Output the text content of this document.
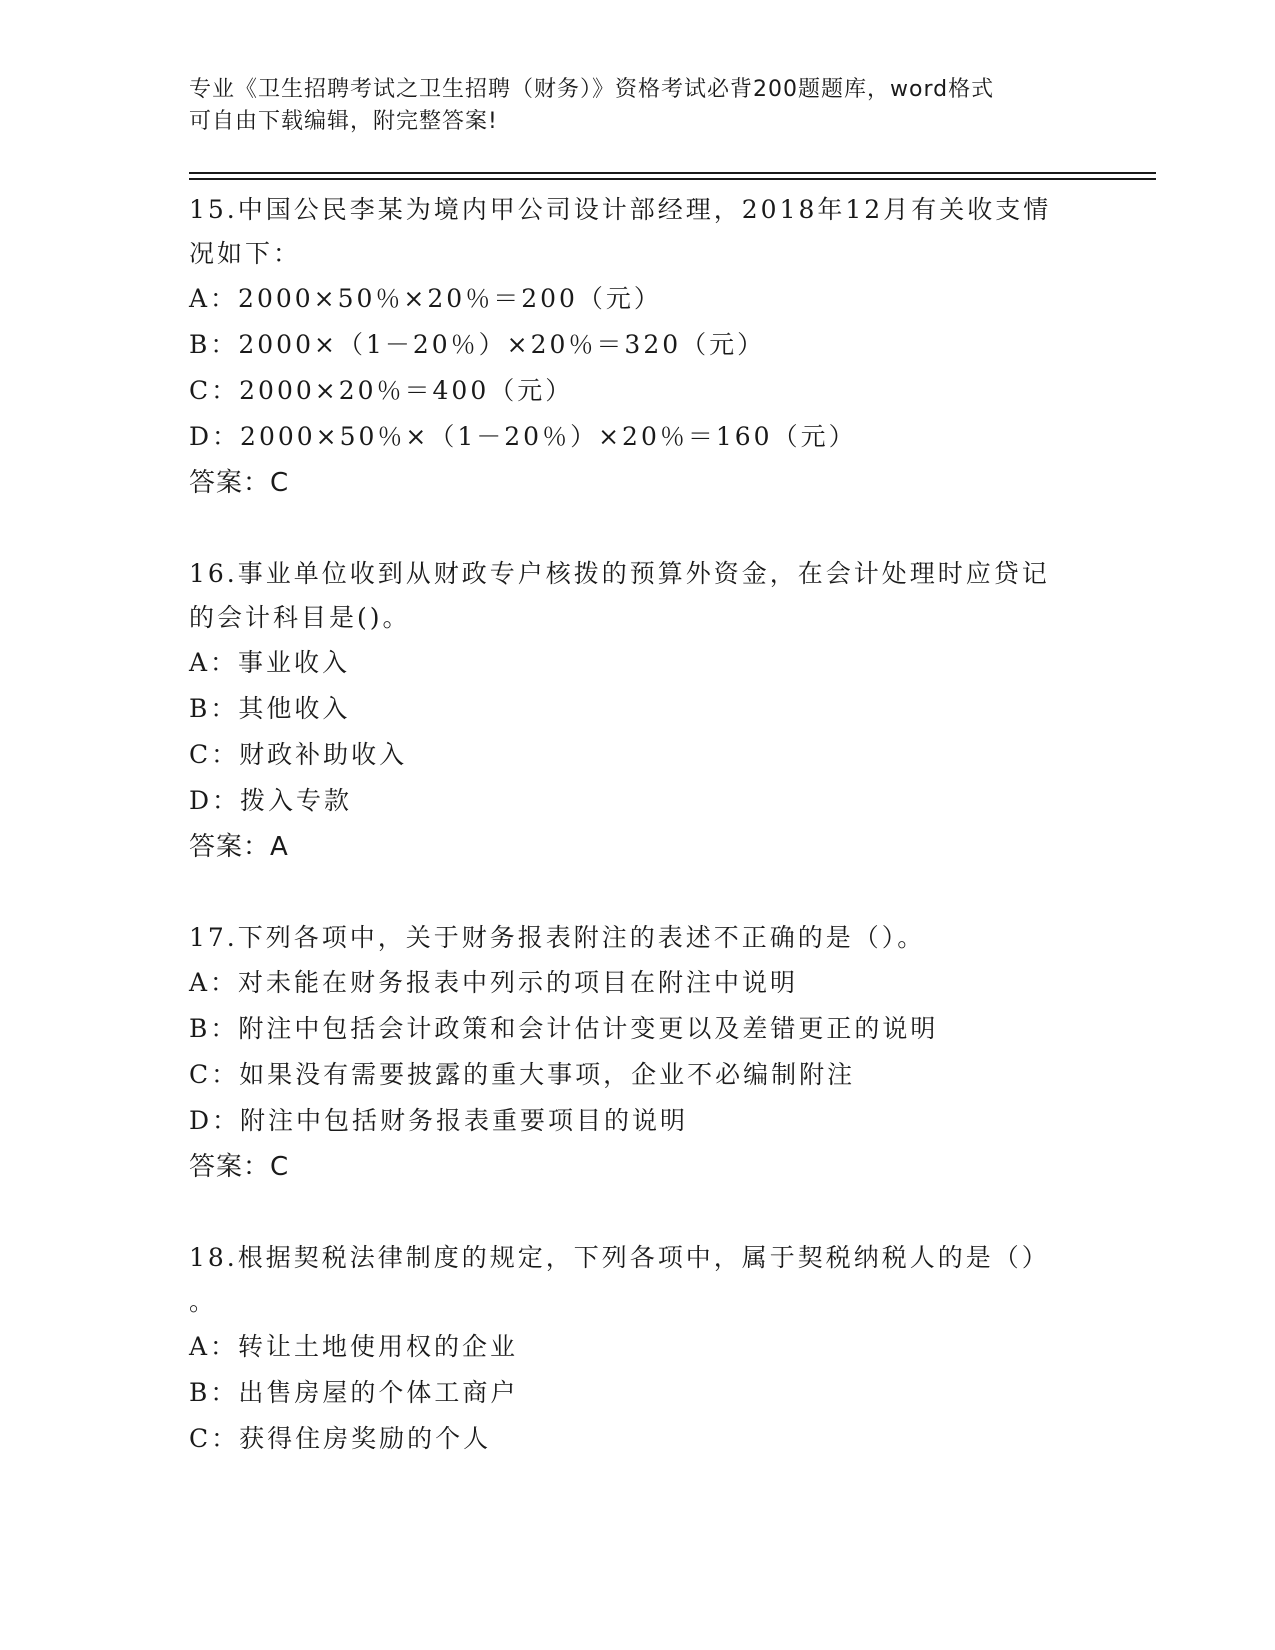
专业《卫生招聘考试之卫生招聘（财务）》资格考试必背200题题库，word格式
可自由下载编辑，附完整答案!
15.中国公民李某为境内甲公司设计部经理，2018年12月有关收支情
况如下：
A：2000×50％×20％＝200（元）
B：2000×（1－20％）×20％＝320（元）
C：2000×20％＝400（元）
D：2000×50％×（1－20％）×20％＝160（元）
答案：C
16.事业单位收到从财政专户核拨的预算外资金，在会计处理时应贷记
的会计科目是()。
A：事业收入
B：其他收入
C：财政补助收入
D：拨入专款
答案：A
17.下列各项中，关于财务报表附注的表述不正确的是（）。
A：对未能在财务报表中列示的项目在附注中说明
B：附注中包括会计政策和会计估计变更以及差错更正的说明
C：如果没有需要披露的重大事项，企业不必编制附注
D：附注中包括财务报表重要项目的说明
答案：C
18.根据契税法律制度的规定，下列各项中，属于契税纳税人的是（）
。
A：转让土地使用权的企业
B：出售房屋的个体工商户
C：获得住房奖励的个人
